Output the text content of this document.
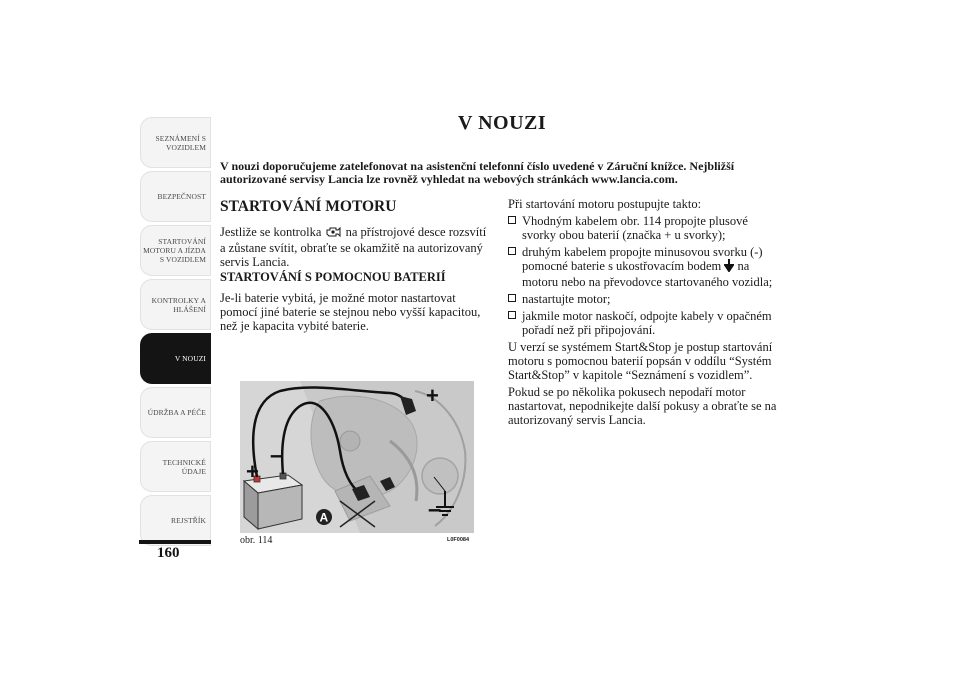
SEZNÁMENÍ S VOZIDLEM
BEZPEČNOST
STARTOVÁNÍ MOTORU A JÍZDA S VOZIDLEM
KONTROLKY A HLÁŠENÍ
V NOUZI
ÚDRŽBA A PÉČE
TECHNICKÉ ÚDAJE
REJSTŘÍK
160
V NOUZI
V nouzi doporučujeme zatelefonovat na asistenční telefonní číslo uvedené v Záruční knížce. Nejbližší autorizované servisy Lancia lze rovněž vyhledat na webových stránkách www.lancia.com.
STARTOVÁNÍ MOTORU
Jestliže se kontrolka na přístrojové desce rozsvítí a zůstane svítit, obraťte se okamžitě na autorizovaný servis Lancia.
STARTOVÁNÍ S POMOCNOU BATERIÍ
Je-li baterie vybitá, je možné motor nastartovat pomocí jiné baterie se stejnou nebo vyšší kapacitou, než je kapacita vybité baterie.
+
–
+
–
A
obr. 114	L0F0084

Při startování motoru postupujte takto:

Vhodným kabelem obr. 114 propojte plusové svorky obou baterií (značka + u svorky);
druhým kabelem propojte minusovou svorku (-) pomocné baterie s ukostřovacím bodem na motoru nebo na převodovce startovaného vozidla;
nastartujte motor;
jakmile motor naskočí, odpojte kabely v opačném pořadí než při připojování.

U verzí se systémem Start&Stop je postup startování motoru s pomocnou baterií popsán v oddílu “Systém Start&Stop” v kapitole “Seznámení s vozidlem”.

Pokud se po několika pokusech nepodaří motor nastartovat, nepodnikejte další pokusy a obraťte se na autorizovaný servis Lancia.
